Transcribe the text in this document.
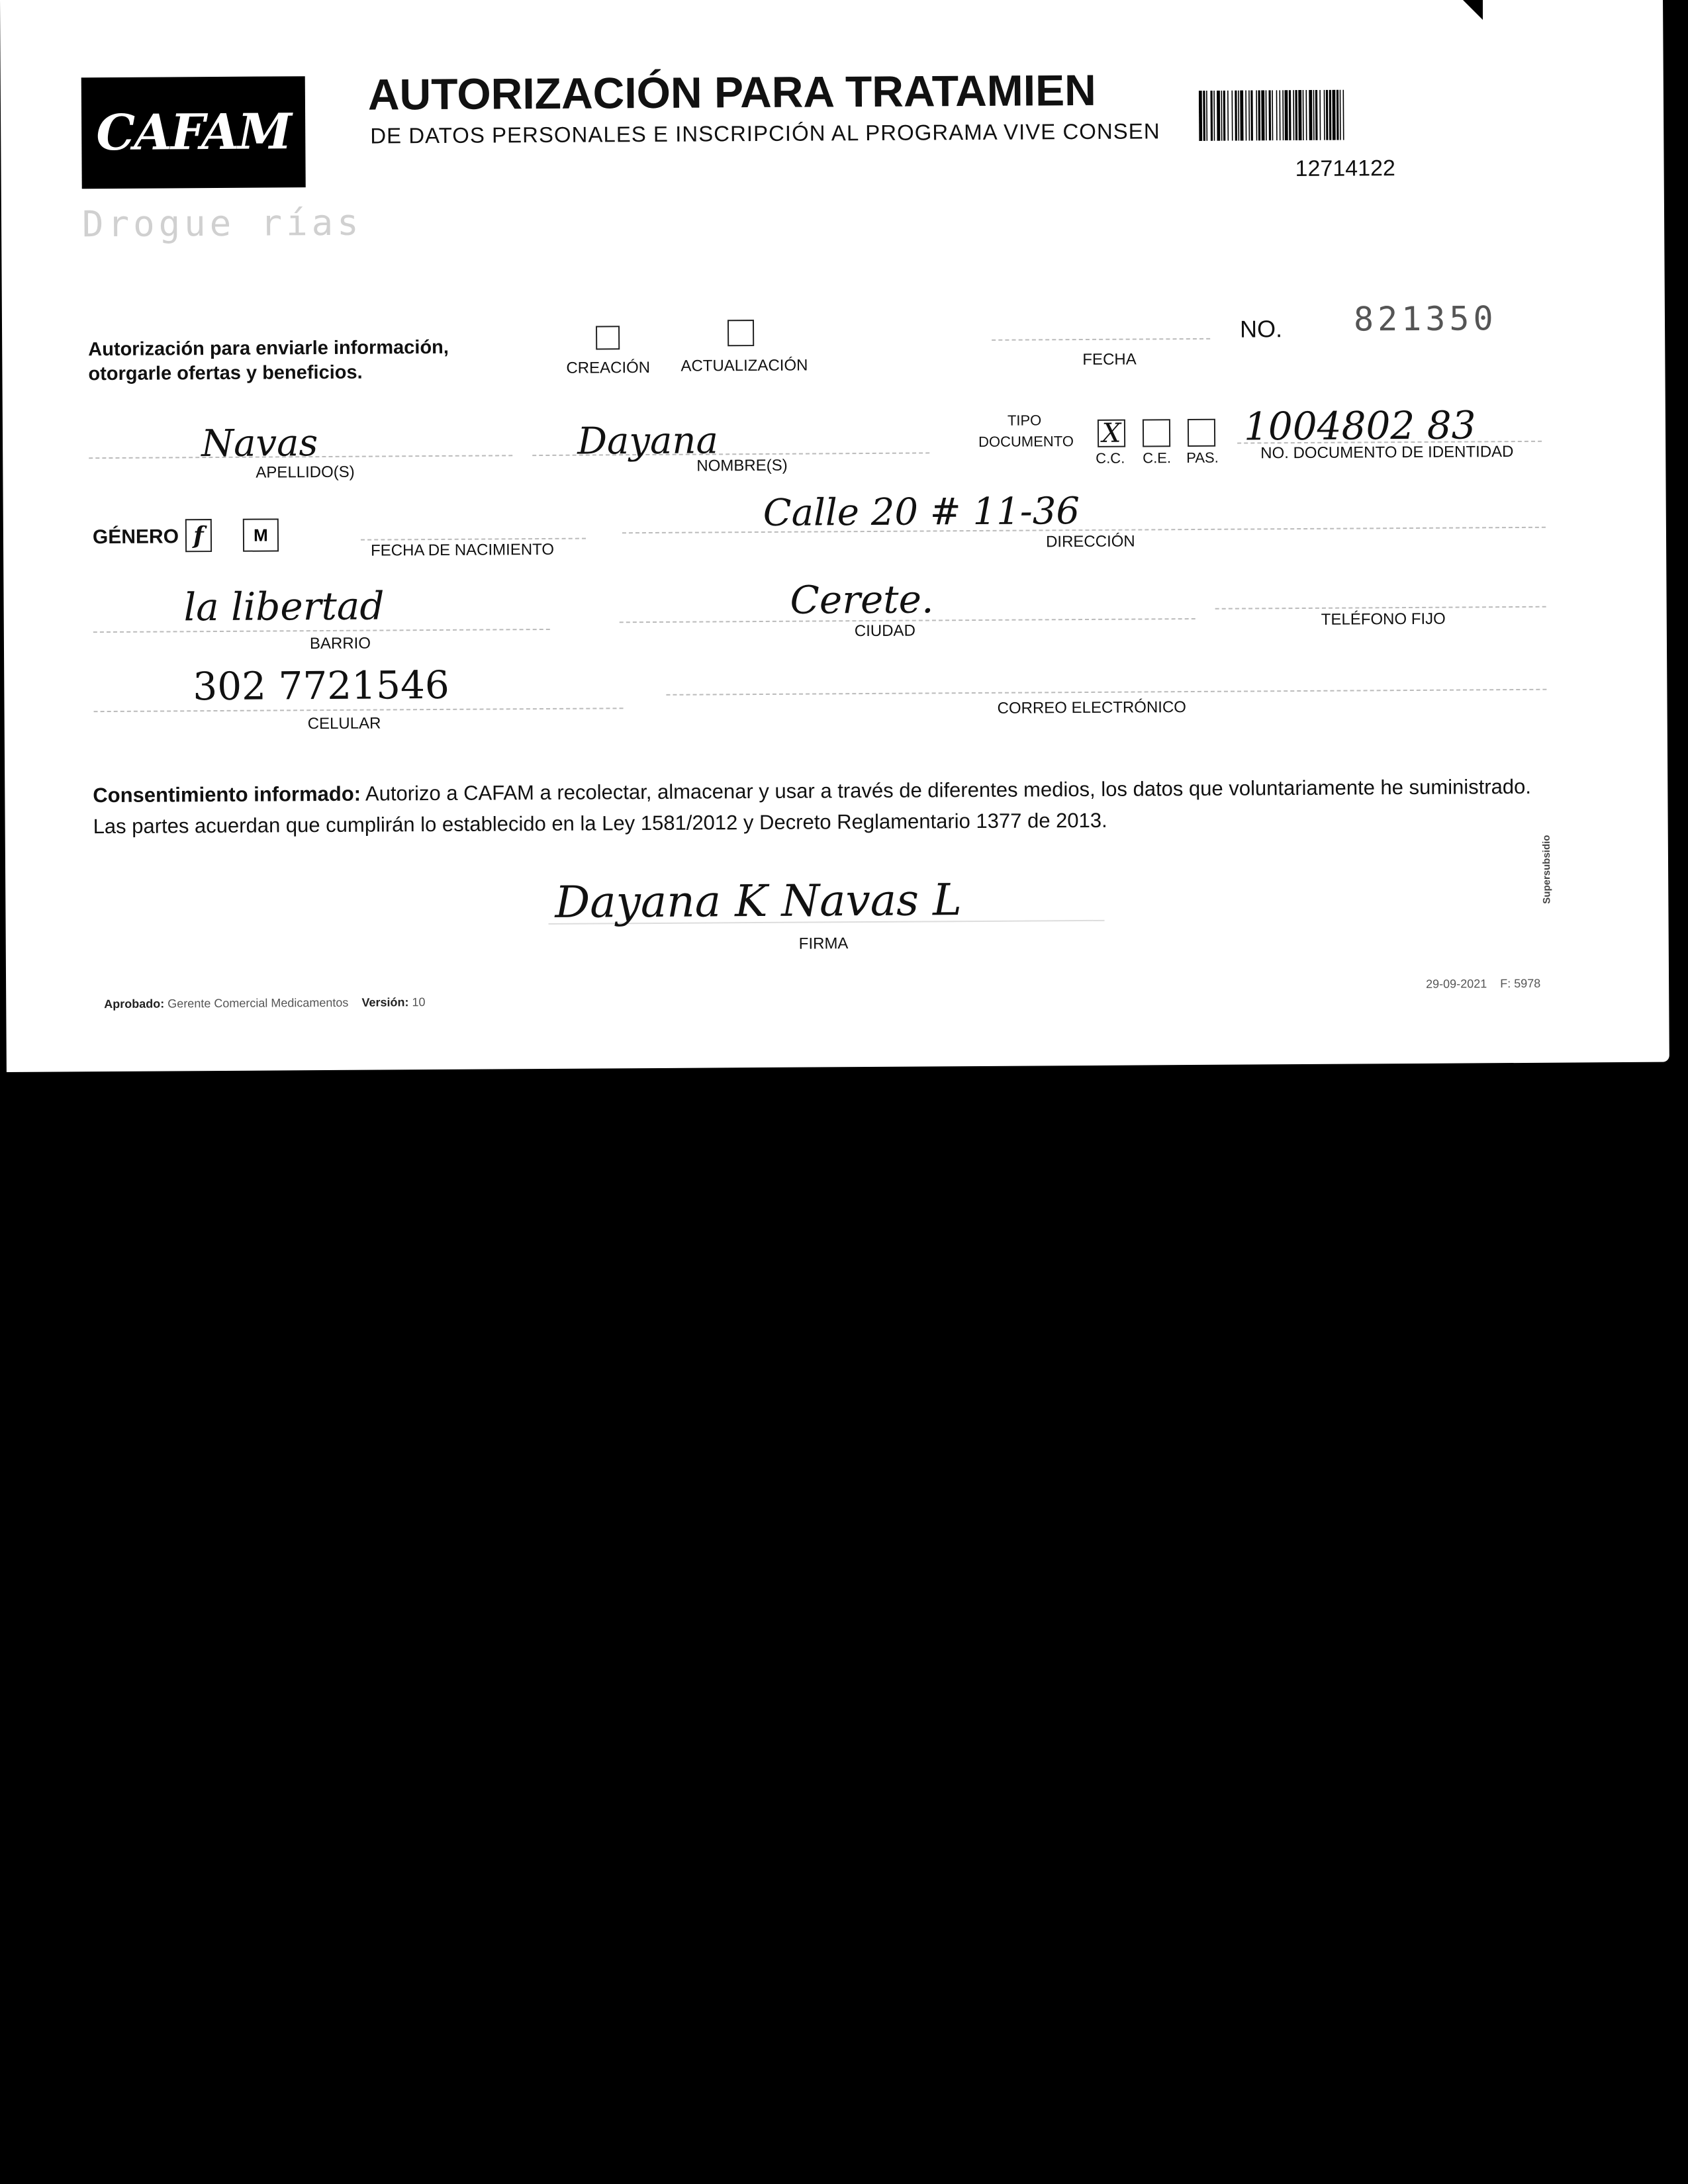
CAFAM
Drogue rías
AUTORIZACIÓN PARA TRATAMIEN
DE DATOS PERSONALES E INSCRIPCIÓN AL PROGRAMA VIVE CONSEN
12714122
Autorización para enviarle información,
otorgarle ofertas y beneficios.	CREACIÓN ACTUALIZACIÓN	FECHA
NO. 821350
Navas
APELLIDO(S)
Dayana
NOMBRE(S)
TIPO
DOCUMENTO X
C.C. C.E. PAS.
1004802 83
NO. DOCUMENTO DE IDENTIDAD
GÉNERO f	M
FECHA DE NACIMIENTO
Calle 20 # 11-36
DIRECCIÓN
la libertad
BARRIO
Cerete.
CIUDAD
TELÉFONO FIJO
302 7721546
CELULAR
CORREO ELECTRÓNICO
Consentimiento informado: Autorizo a CAFAM a recolectar, almacenar y usar a través de diferentes medios, los datos que voluntariamente he suministrado.
Las partes acuerdan que cumplirán lo establecido en la Ley 1581/2012 y Decreto Reglamentario 1377 de 2013.
Dayana K Navas L
FIRMA
Aprobado: Gerente Comercial Medicamentos Versión: 10
29-09-2021 F: 5978
Supersubsidio
